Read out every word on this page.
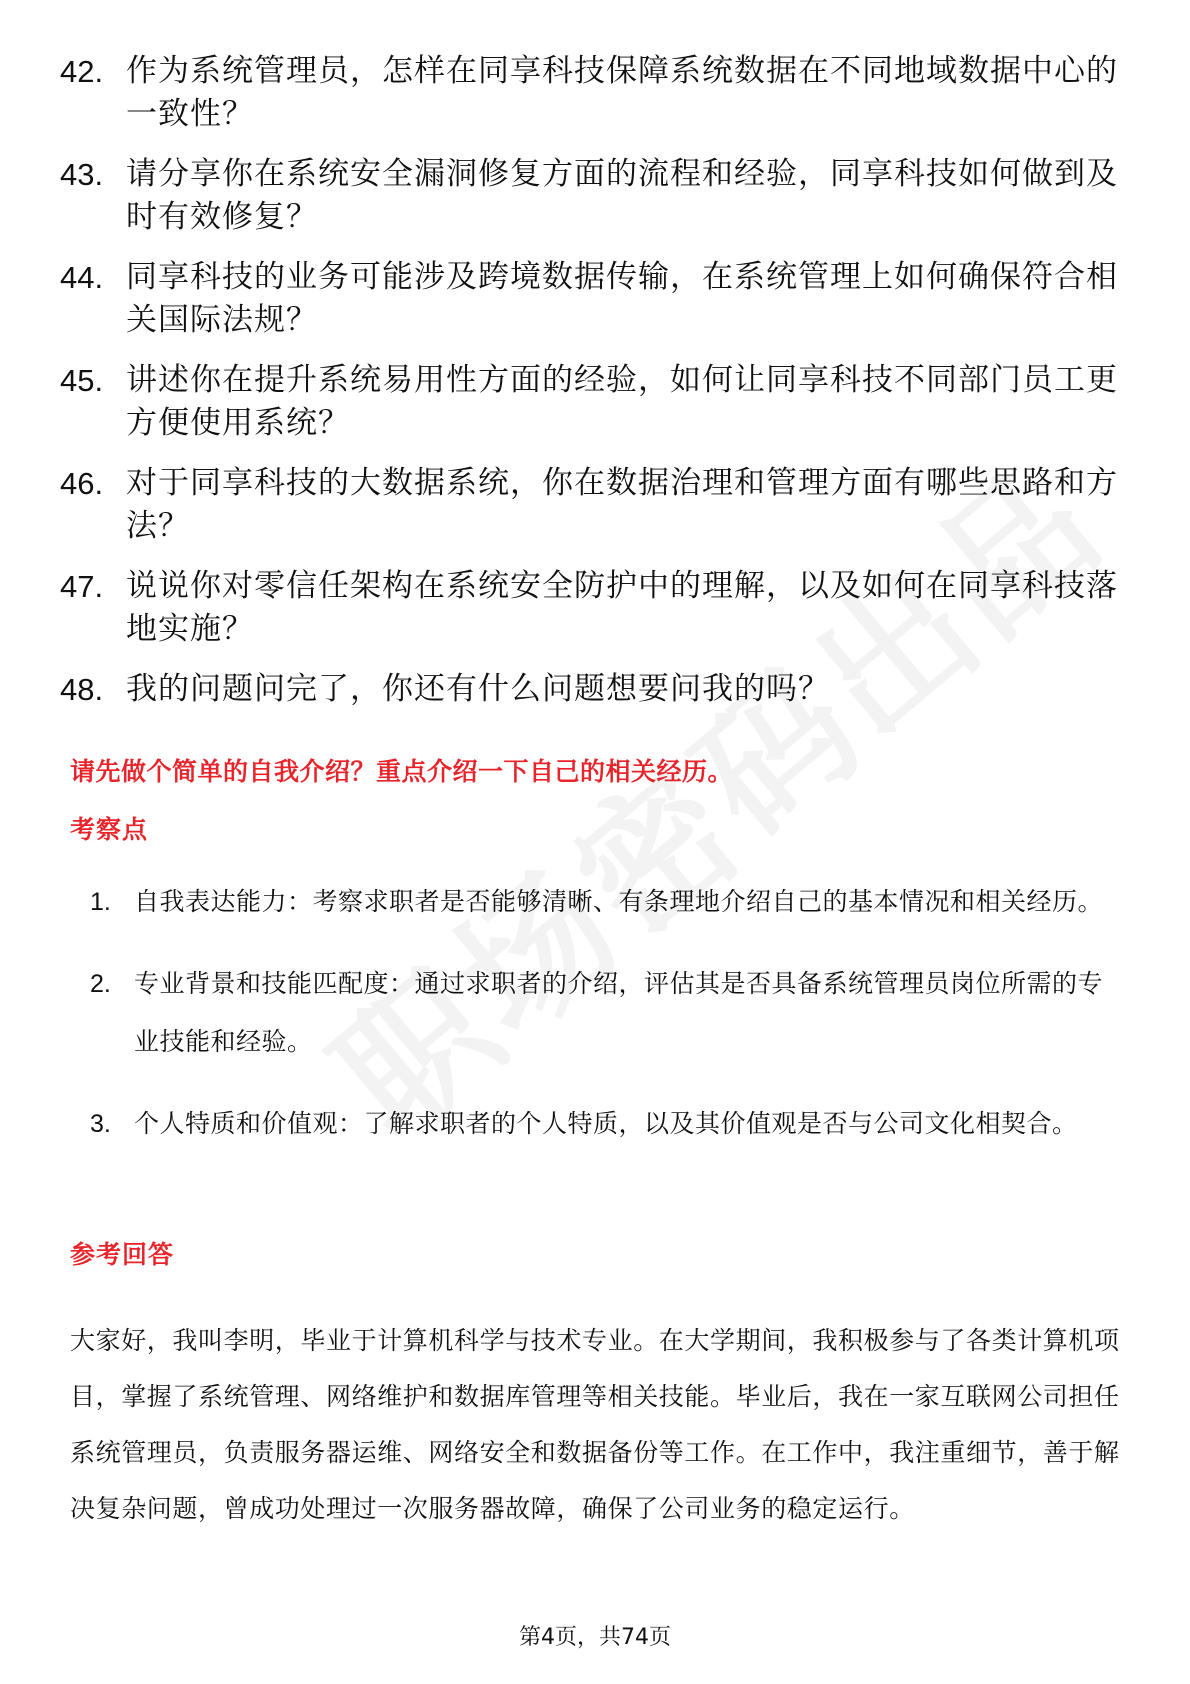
42. 作为系统管理员，怎样在同享科技保障系统数据在不同地域数据中心的一致性？
43. 请分享你在系统安全漏洞修复方面的流程和经验，同享科技如何做到及时有效修复？
44. 同享科技的业务可能涉及跨境数据传输，在系统管理上如何确保符合相关国际法规？
45. 讲述你在提升系统易用性方面的经验，如何让同享科技不同部门员工更方便使用系统？
46. 对于同享科技的大数据系统，你在数据治理和管理方面有哪些思路和方法？
47. 说说你对零信任架构在系统安全防护中的理解，以及如何在同享科技落地实施？
48. 我的问题问完了，你还有什么问题想要问我的吗？
请先做个简单的自我介绍？重点介绍一下自己的相关经历。
考察点
1. 自我表达能力：考察求职者是否能够清晰、有条理地介绍自己的基本情况和相关经历。
2. 专业背景和技能匹配度：通过求职者的介绍，评估其是否具备系统管理员岗位所需的专业技能和经验。
3. 个人特质和价值观：了解求职者的个人特质，以及其价值观是否与公司文化相契合。
参考回答
大家好，我叫李明，毕业于计算机科学与技术专业。在大学期间，我积极参与了各类计算机项目，掌握了系统管理、网络维护和数据库管理等相关技能。毕业后，我在一家互联网公司担任系统管理员，负责服务器运维、网络安全和数据备份等工作。在工作中，我注重细节，善于解决复杂问题，曾成功处理过一次服务器故障，确保了公司业务的稳定运行。
第4页，共74页
